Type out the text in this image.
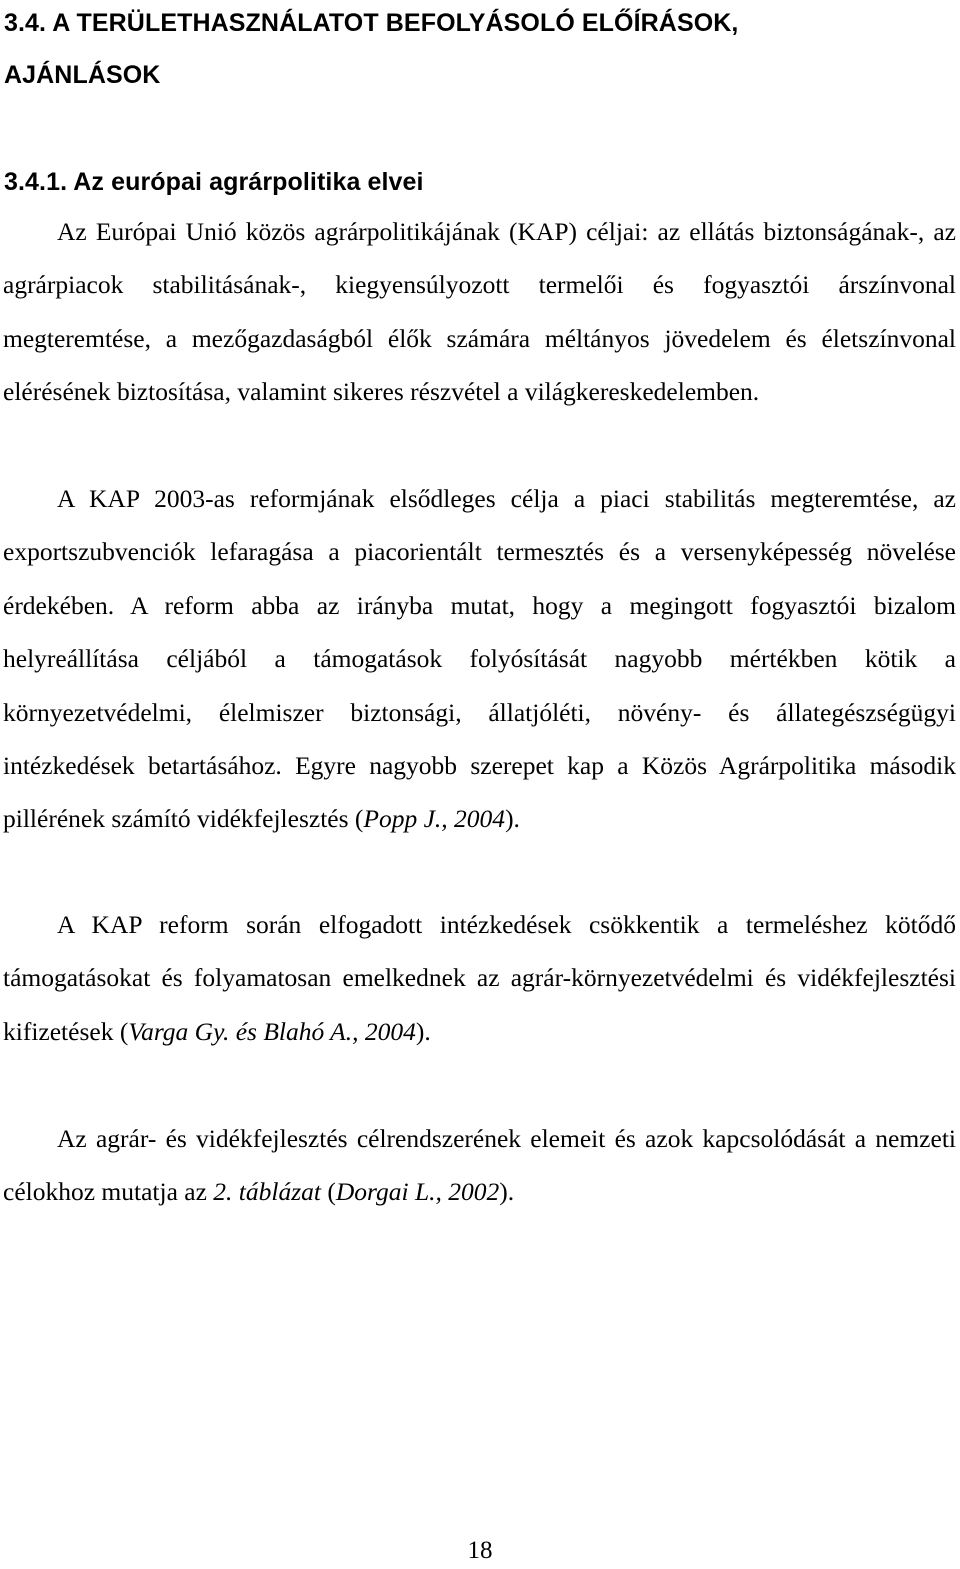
3.4. A TERÜLETHASZNÁLATOT BEFOLYÁSOLÓ ELŐÍRÁSOK,
AJÁNLÁSOK
3.4.1. Az európai agrárpolitika elvei

Az Európai Unió közös agrárpolitikájának (KAP) céljai: az ellátás biztonságának-, az agrárpiacok stabilitásának-, kiegyensúlyozott termelői és fogyasztói árszínvonal megteremtése, a mezőgazdaságból élők számára méltányos jövedelem és életszínvonal elérésének biztosítása, valamint sikeres részvétel a világkereskedelemben.

A KAP 2003-as reformjának elsődleges célja a piaci stabilitás megteremtése, az exportszubvenciók lefaragása a piacorientált termesztés és a versenyképesség növelése érdekében. A reform abba az irányba mutat, hogy a megingott fogyasztói bizalom helyreállítása céljából a támogatások folyósítását nagyobb mértékben kötik a környezetvédelmi, élelmiszer biztonsági, állatjóléti, növény- és állategészségügyi intézkedések betartásához. Egyre nagyobb szerepet kap a Közös Agrárpolitika második pillérének számító vidékfejlesztés (Popp J., 2004).

A KAP reform során elfogadott intézkedések csökkentik a termeléshez kötődő támogatásokat és folyamatosan emelkednek az agrár-környezetvédelmi és vidékfejlesztési kifizetések (Varga Gy. és Blahó A., 2004).

Az agrár- és vidékfejlesztés célrendszerének elemeit és azok kapcsolódását a nemzeti célokhoz mutatja az 2. táblázat (Dorgai L., 2002).

18
